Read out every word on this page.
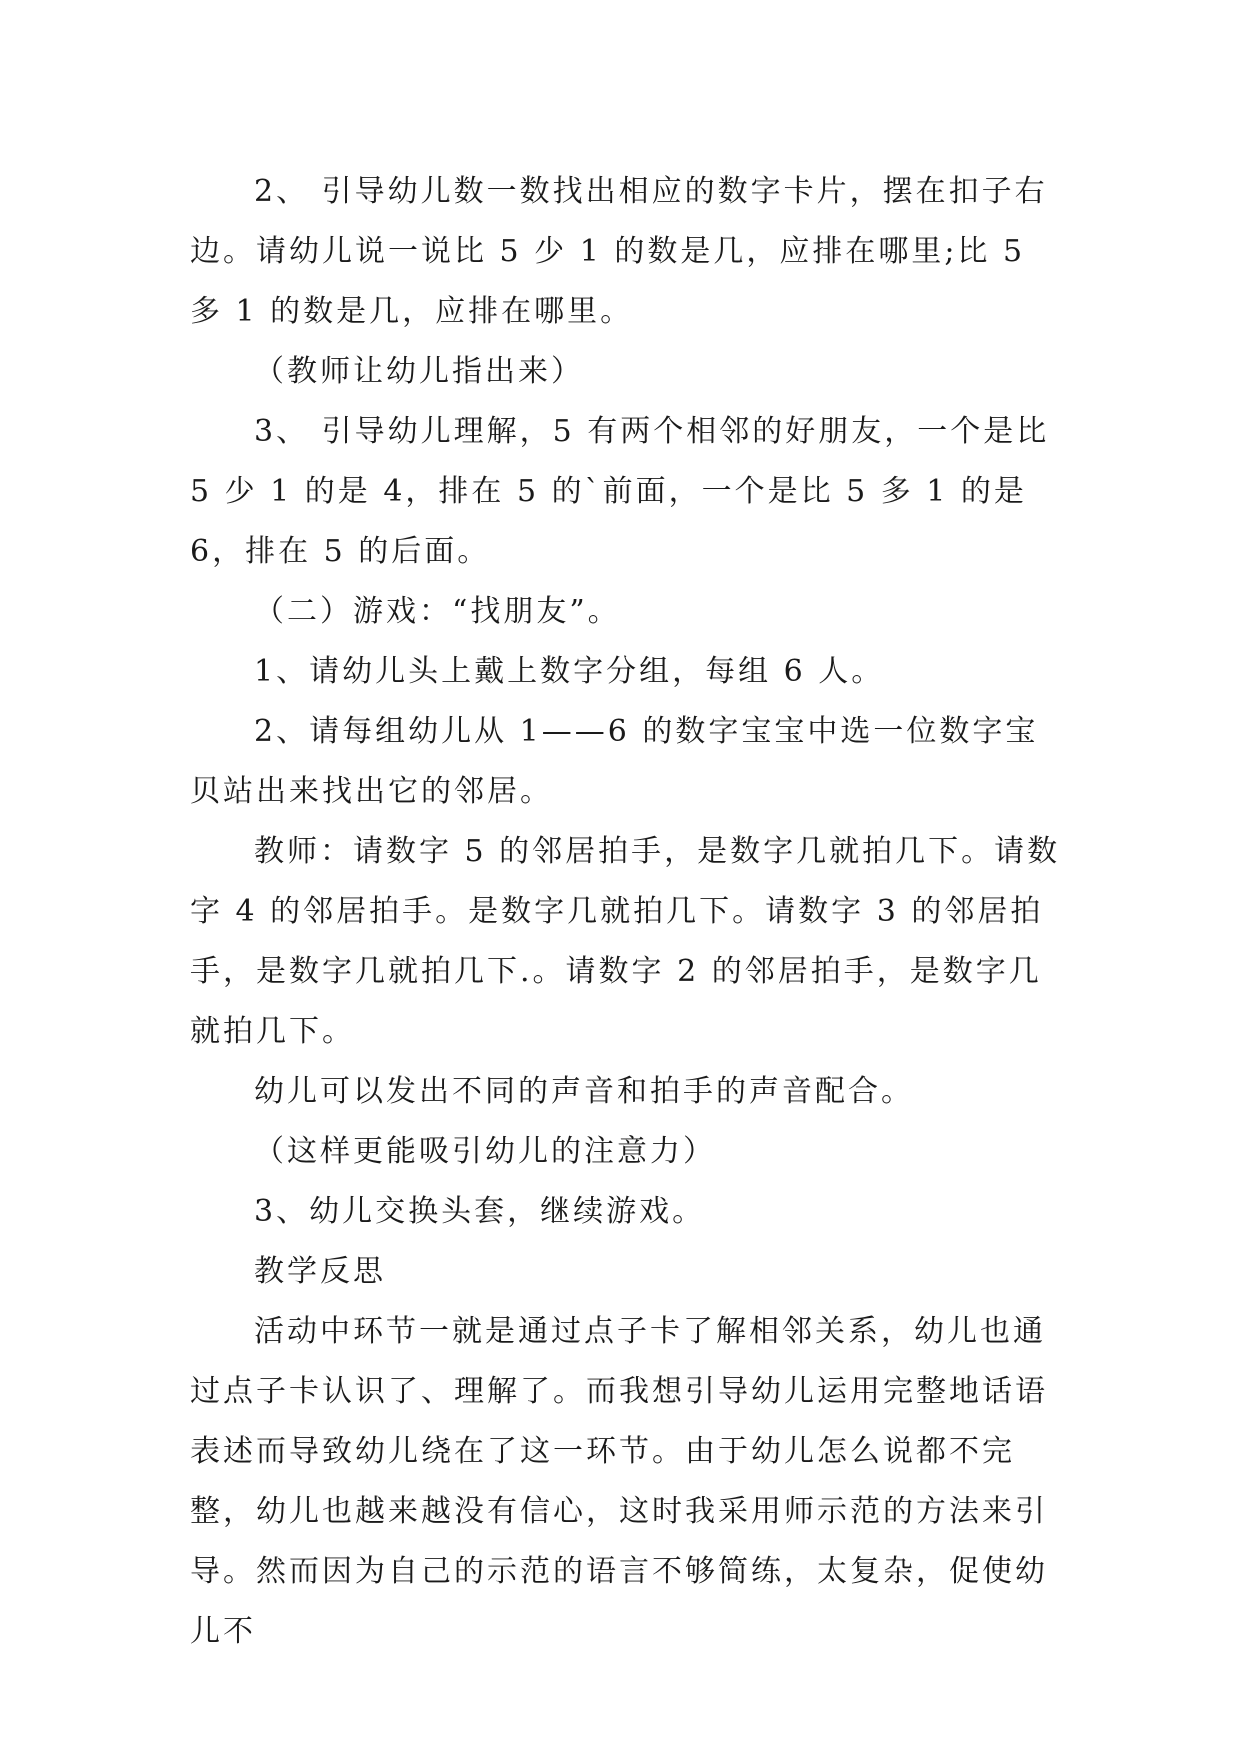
2、 引导幼儿数一数找出相应的数字卡片，摆在扣子右边。请幼儿说一说比 5 少 1 的数是几，应排在哪里;比 5 多 1 的数是几，应排在哪里。

（教师让幼儿指出来）

3、 引导幼儿理解，5 有两个相邻的好朋友，一个是比 5 少 1 的是 4，排在 5 的`前面，一个是比 5 多 1 的是 6，排在 5 的后面。

（二）游戏：“找朋友”。

1、请幼儿头上戴上数字分组，每组 6 人。

2、请每组幼儿从 1——6 的数字宝宝中选一位数字宝贝站出来找出它的邻居。

教师：请数字 5 的邻居拍手，是数字几就拍几下。请数字 4 的邻居拍手。是数字几就拍几下。请数字 3 的邻居拍手，是数字几就拍几下.。请数字 2 的邻居拍手，是数字几就拍几下。

幼儿可以发出不同的声音和拍手的声音配合。

（这样更能吸引幼儿的注意力）

3、幼儿交换头套，继续游戏。

教学反思

活动中环节一就是通过点子卡了解相邻关系，幼儿也通过点子卡认识了、理解了。而我想引导幼儿运用完整地话语表述而导致幼儿绕在了这一环节。由于幼儿怎么说都不完整，幼儿也越来越没有信心，这时我采用师示范的方法来引导。然而因为自己的示范的语言不够简练，太复杂，促使幼儿不
